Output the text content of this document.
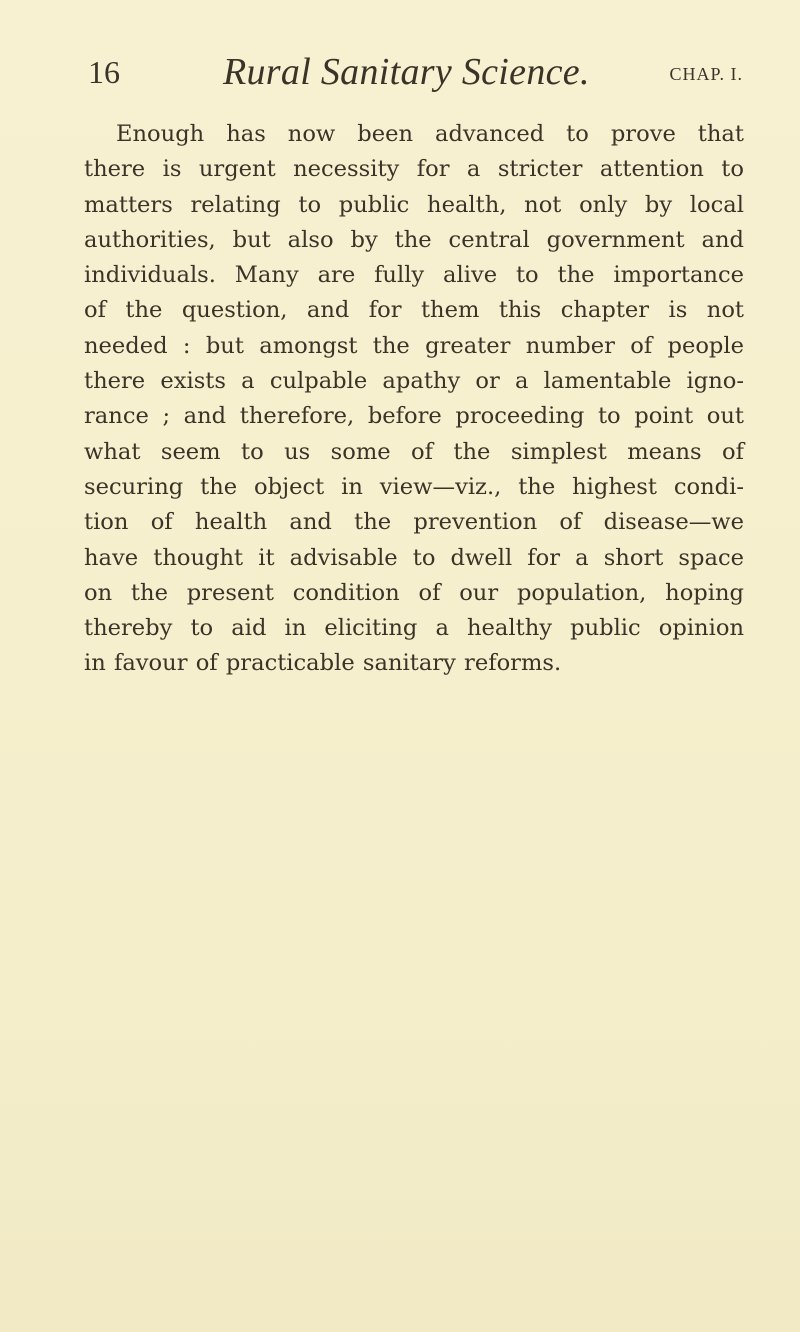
16	Rural Sanitary Science.	CHAP. I.
Enough has now been advanced to prove that
there is urgent necessity for a stricter attention to
matters relating to public health, not only by local
authorities, but also by the central government and
individuals. Many are fully alive to the importance
of the question, and for them this chapter is not
needed : but amongst the greater number of people
there exists a culpable apathy or a lamentable igno-
rance ; and therefore, before proceeding to point out
what seem to us some of the simplest means of
securing the object in view—viz., the highest condi-
tion of health and the prevention of disease—we
have thought it advisable to dwell for a short space
on the present condition of our population, hoping
thereby to aid in eliciting a healthy public opinion
in favour of practicable sanitary reforms.
